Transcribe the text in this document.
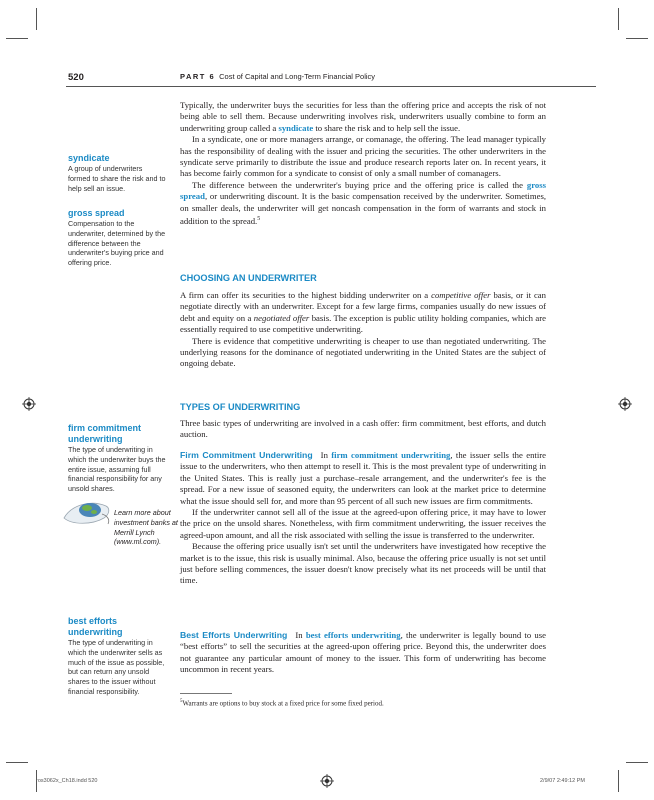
520	PART 6 Cost of Capital and Long-Term Financial Policy
syndicate
A group of underwriters formed to share the risk and to help sell an issue.
gross spread
Compensation to the underwriter, determined by the difference between the underwriter's buying price and offering price.
firm commitment underwriting
The type of underwriting in which the underwriter buys the entire issue, assuming full financial responsibility for any unsold shares.
Learn more about investment banks at Merrill Lynch (www.ml.com).
best efforts underwriting
The type of underwriting in which the underwriter sells as much of the issue as possible, but can return any unsold shares to the issuer without financial responsibility.

Typically, the underwriter buys the securities for less than the offering price and accepts the risk of not being able to sell them. Because underwriting involves risk, underwriters usually combine to form an underwriting group called a syndicate to share the risk and to help sell the issue.

In a syndicate, one or more managers arrange, or comanage, the offering. The lead manager typically has the responsibility of dealing with the issuer and pricing the securities. The other underwriters in the syndicate serve primarily to distribute the issue and produce research reports later on. In recent years, it has become fairly common for a syndicate to consist of only a small number of comanagers.

The difference between the underwriter's buying price and the offering price is called the gross spread, or underwriting discount. It is the basic compensation received by the underwriter. Sometimes, on smaller deals, the underwriter will get noncash compensation in the form of warrants and stock in addition to the spread.$^5$

CHOOSING AN UNDERWRITER

A firm can offer its securities to the highest bidding underwriter on a competitive offer basis, or it can negotiate directly with an underwriter. Except for a few large firms, companies usually do new issues of debt and equity on a negotiated offer basis. The exception is public utility holding companies, which are essentially required to use competitive underwriting.

There is evidence that competitive underwriting is cheaper to use than negotiated underwriting. The underlying reasons for the dominance of negotiated underwriting in the United States are the subject of ongoing debate.

TYPES OF UNDERWRITING

Three basic types of underwriting are involved in a cash offer: firm commitment, best efforts, and dutch auction.

Firm Commitment Underwriting In firm commitment underwriting, the issuer sells the entire issue to the underwriters, who then attempt to resell it. This is the most prevalent type of underwriting in the United States. This is really just a purchase–resale arrangement, and the underwriter's fee is the spread. For a new issue of seasoned equity, the underwriters can look at the market price to determine what the issue should sell for, and more than 95 percent of all such new issues are firm commitments.

If the underwriter cannot sell all of the issue at the agreed-upon offering price, it may have to lower the price on the unsold shares. Nonetheless, with firm commitment underwriting, the issuer receives the agreed-upon amount, and all the risk associated with selling the issue is transferred to the underwriter.

Because the offering price usually isn't set until the underwriters have investigated how receptive the market is to the issue, this risk is usually minimal. Also, because the offering price usually is not set until just before selling commences, the issuer doesn't know precisely what its net proceeds will be until that time.

Best Efforts Underwriting In best efforts underwriting, the underwriter is legally bound to use “best efforts” to sell the securities at the agreed-upon offering price. Beyond this, the underwriter does not guarantee any particular amount of money to the issuer. This form of underwriting has become uncommon in recent years.

$^5$Warrants are options to buy stock at a fixed price for some fixed period.
ros3062x_Ch18.indd 520	2/9/07 2:49:12 PM
